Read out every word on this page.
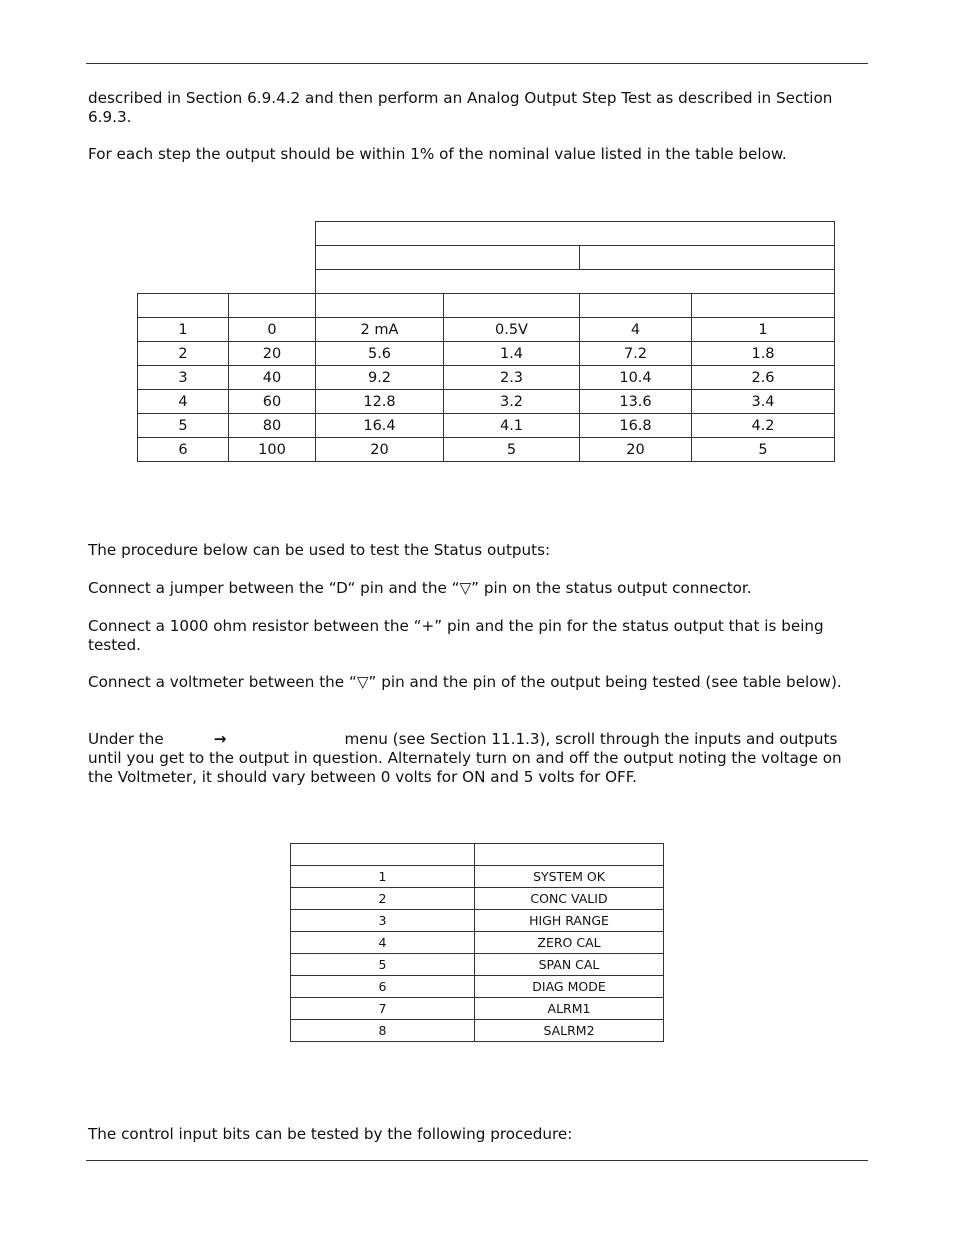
described in Section 6.9.4.2 and then perform an Analog Output Step Test as described in Section 6.9.3.

For each step the output should be within 1% of the nominal value listed in the table below.

1	0	2 mA	0.5V	4	1
2	20	5.6	1.4	7.2	1.8
3	40	9.2	2.3	10.4	2.6
4	60	12.8	3.2	13.6	3.4
5	80	16.4	4.1	16.8	4.2
6	100	20	5	20	5

The procedure below can be used to test the Status outputs:

Connect a jumper between the “D“ pin and the “▽” pin on the status output connector.

Connect a 1000 ohm resistor between the “+” pin and the pin for the status output that is being tested.

Connect a voltmeter between the “▽” pin and the pin of the output being tested (see table below).

Under the	→	menu (see Section 11.1.3), scroll through the inputs and outputs until you get to the output in question. Alternately turn on and off the output noting the voltage on the Voltmeter, it should vary between 0 volts for ON and 5 volts for OFF.

1	SYSTEM OK
2	CONC VALID
3	HIGH RANGE
4	ZERO CAL
5	SPAN CAL
6	DIAG MODE
7	ALRM1
8	SALRM2

The control input bits can be tested by the following procedure:
